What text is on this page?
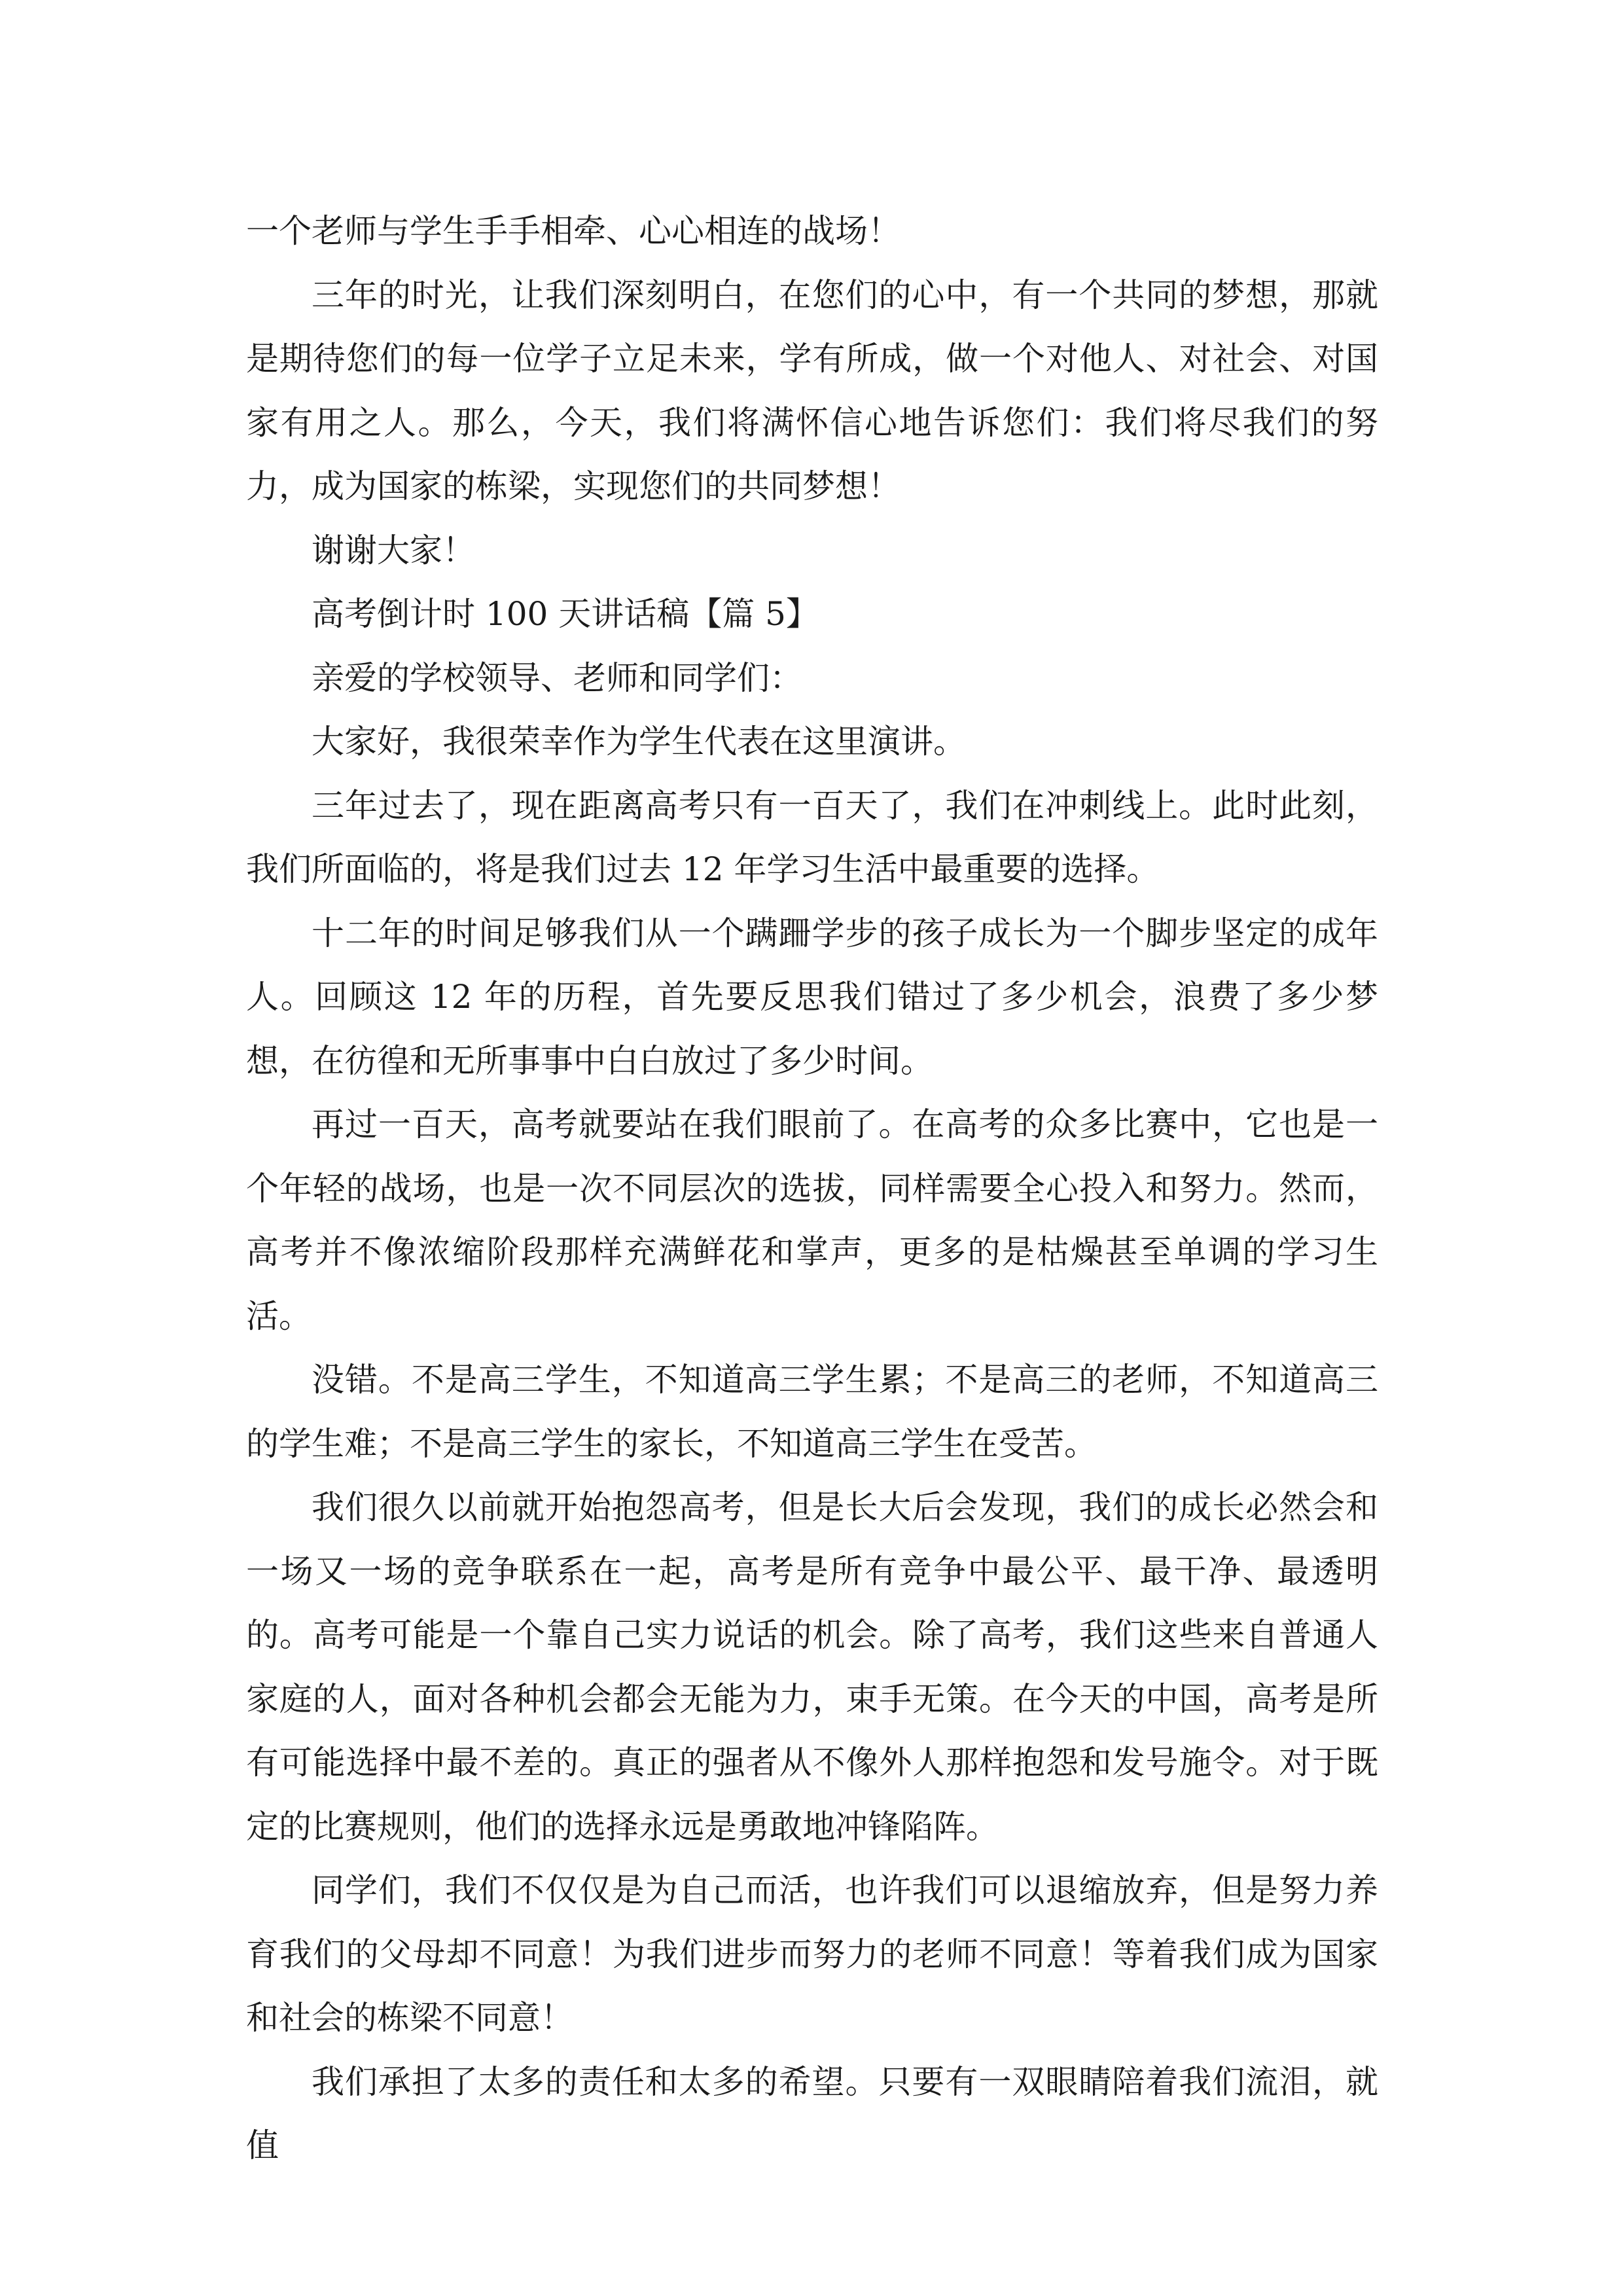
一个老师与学生手手相牵、心心相连的战场！

三年的时光，让我们深刻明白，在您们的心中，有一个共同的梦想，那就是期待您们的每一位学子立足未来，学有所成，做一个对他人、对社会、对国家有用之人。那么，今天，我们将满怀信心地告诉您们：我们将尽我们的努力，成为国家的栋梁，实现您们的共同梦想！

谢谢大家！

高考倒计时 100 天讲话稿【篇 5】

亲爱的学校领导、老师和同学们：

大家好，我很荣幸作为学生代表在这里演讲。

三年过去了，现在距离高考只有一百天了，我们在冲刺线上。此时此刻，我们所面临的，将是我们过去 12 年学习生活中最重要的选择。

十二年的时间足够我们从一个蹒跚学步的孩子成长为一个脚步坚定的成年人。回顾这 12 年的历程，首先要反思我们错过了多少机会，浪费了多少梦想，在彷徨和无所事事中白白放过了多少时间。

再过一百天，高考就要站在我们眼前了。在高考的众多比赛中，它也是一个年轻的战场，也是一次不同层次的选拔，同样需要全心投入和努力。然而，高考并不像浓缩阶段那样充满鲜花和掌声，更多的是枯燥甚至单调的学习生活。

没错。不是高三学生，不知道高三学生累；不是高三的老师，不知道高三的学生难；不是高三学生的家长，不知道高三学生在受苦。

我们很久以前就开始抱怨高考，但是长大后会发现，我们的成长必然会和一场又一场的竞争联系在一起，高考是所有竞争中最公平、最干净、最透明的。高考可能是一个靠自己实力说话的机会。除了高考，我们这些来自普通人家庭的人，面对各种机会都会无能为力，束手无策。在今天的中国，高考是所有可能选择中最不差的。真正的强者从不像外人那样抱怨和发号施令。对于既定的比赛规则，他们的选择永远是勇敢地冲锋陷阵。

同学们，我们不仅仅是为自己而活，也许我们可以退缩放弃，但是努力养育我们的父母却不同意！为我们进步而努力的老师不同意！等着我们成为国家和社会的栋梁不同意！

我们承担了太多的责任和太多的希望。只要有一双眼睛陪着我们流泪，就值
